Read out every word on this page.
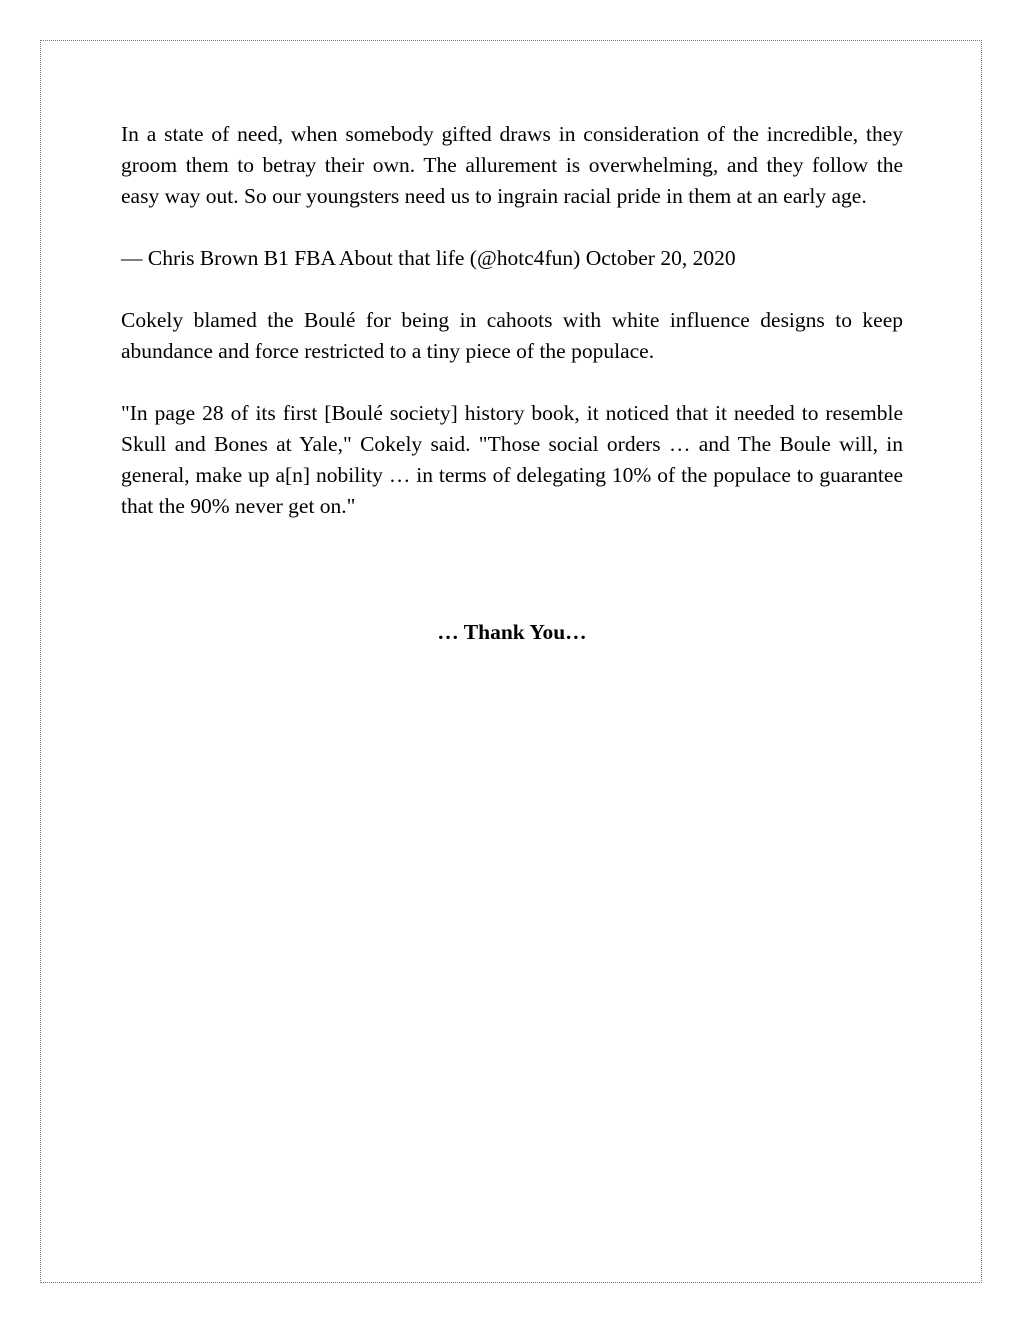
In a state of need, when somebody gifted draws in consideration of the incredible, they groom them to betray their own. The allurement is overwhelming, and they follow the easy way out. So our youngsters need us to ingrain racial pride in them at an early age.

— Chris Brown B1 FBA About that life (@hotc4fun) October 20, 2020

Cokely blamed the Boulé for being in cahoots with white influence designs to keep abundance and force restricted to a tiny piece of the populace.

"In page 28 of its first [Boulé society] history book, it noticed that it needed to resemble Skull and Bones at Yale," Cokely said. "Those social orders … and The Boule will, in general, make up a[n] nobility … in terms of delegating 10% of the populace to guarantee that the 90% never get on."

… Thank You…
